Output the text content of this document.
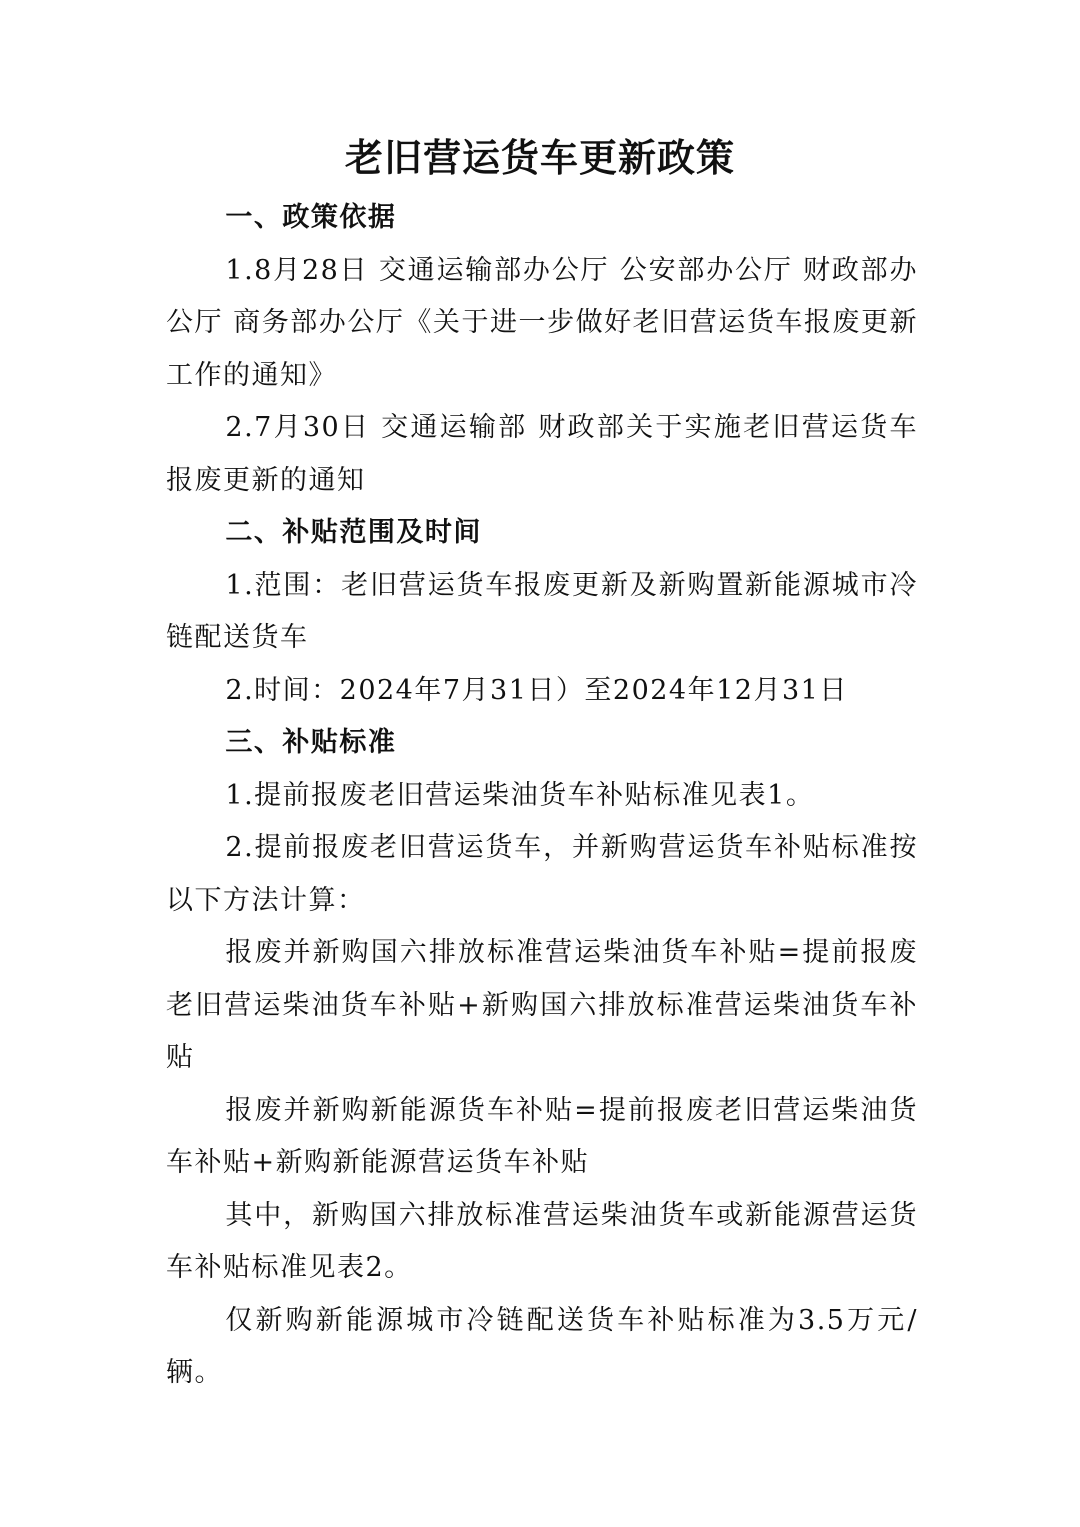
老旧营运货车更新政策
一、政策依据

1.8月28日 交通运输部办公厅 公安部办公厅 财政部办公厅 商务部办公厅《关于进一步做好老旧营运货车报废更新工作的通知》

2.7月30日 交通运输部 财政部关于实施老旧营运货车报废更新的通知

二、补贴范围及时间

1.范围：老旧营运货车报废更新及新购置新能源城市冷链配送货车

2.时间：2024年7月31日）至2024年12月31日

三、补贴标准

1.提前报废老旧营运柴油货车补贴标准见表1。

2.提前报废老旧营运货车，并新购营运货车补贴标准按以下方法计算：

报废并新购国六排放标准营运柴油货车补贴=提前报废老旧营运柴油货车补贴+新购国六排放标准营运柴油货车补贴

报废并新购新能源货车补贴=提前报废老旧营运柴油货车补贴+新购新能源营运货车补贴

其中，新购国六排放标准营运柴油货车或新能源营运货车补贴标准见表2。

仅新购新能源城市冷链配送货车补贴标准为3.5万元/辆。
